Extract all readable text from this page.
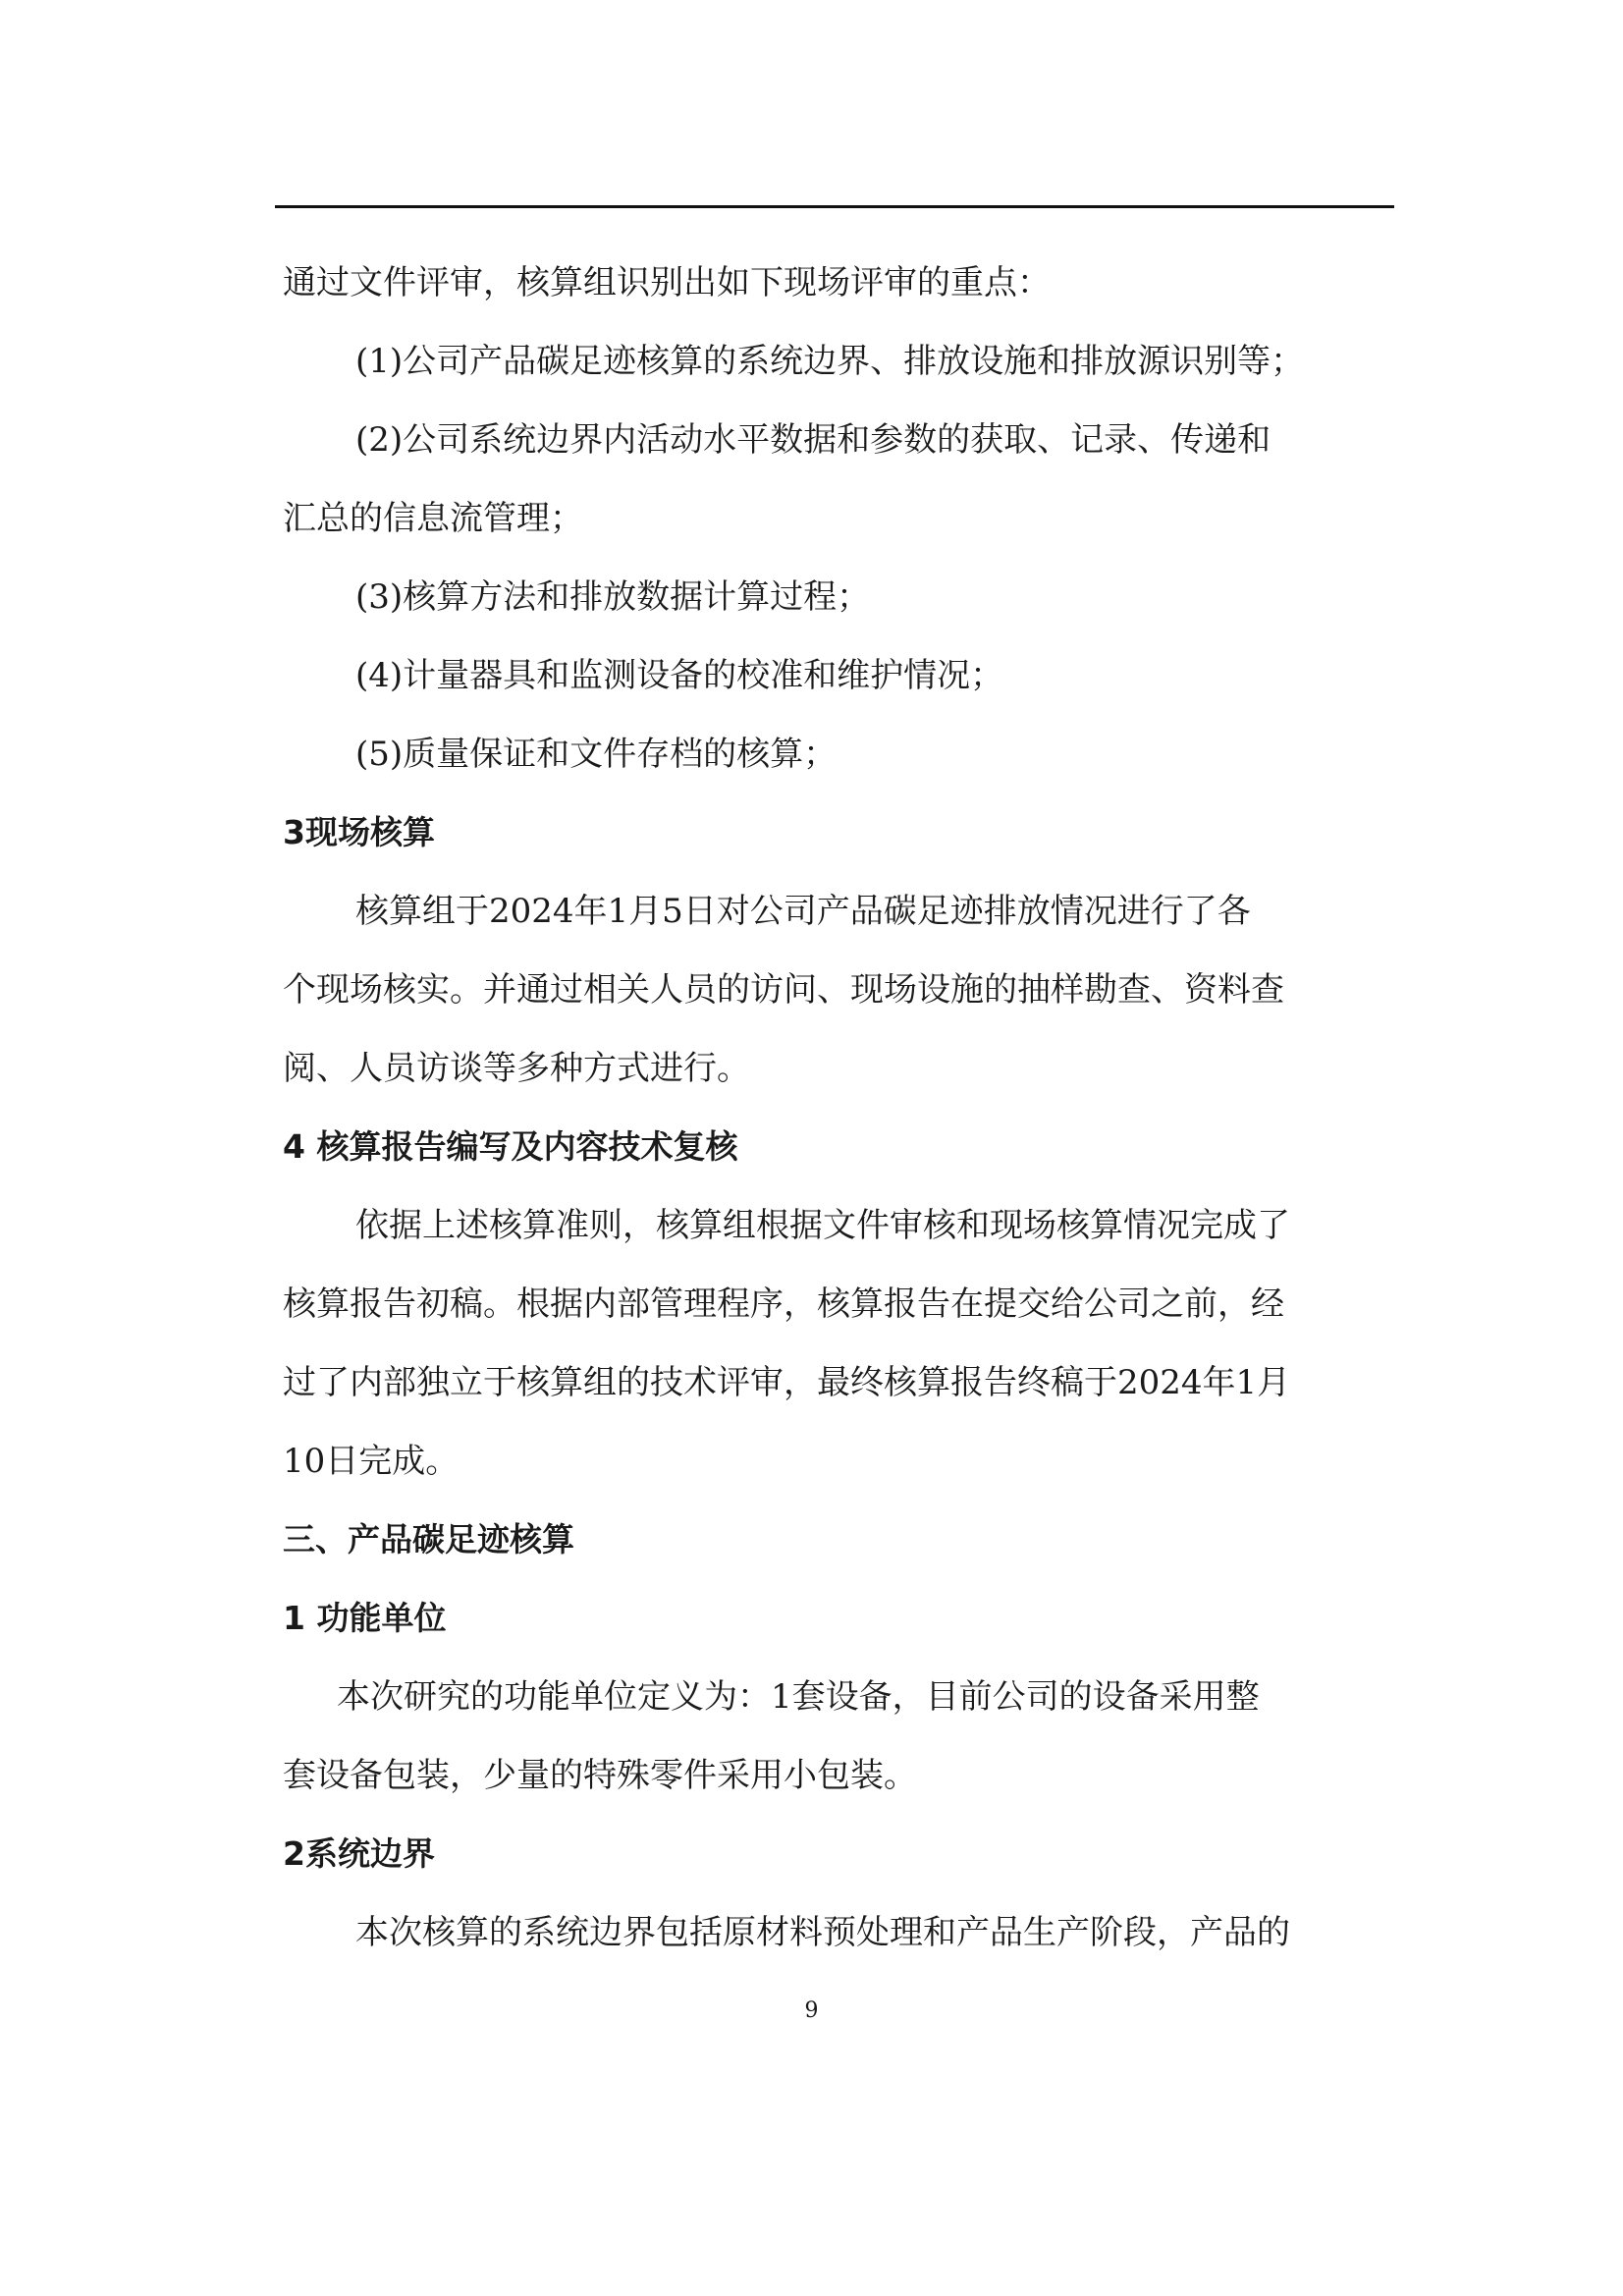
通过文件评审，核算组识别出如下现场评审的重点：

(1)公司产品碳足迹核算的系统边界、排放设施和排放源识别等；

(2)公司系统边界内活动水平数据和参数的获取、记录、传递和

汇总的信息流管理；

(3)核算方法和排放数据计算过程；

(4)计量器具和监测设备的校准和维护情况；

(5)质量保证和文件存档的核算；

3现场核算

核算组于2024年1月5日对公司产品碳足迹排放情况进行了各

个现场核实。并通过相关人员的访问、现场设施的抽样勘查、资料查

阅、人员访谈等多种方式进行。

4 核算报告编写及内容技术复核

依据上述核算准则，核算组根据文件审核和现场核算情况完成了

核算报告初稿。根据内部管理程序，核算报告在提交给公司之前，经

过了内部独立于核算组的技术评审，最终核算报告终稿于2024年1月

10日完成。

三、产品碳足迹核算

1 功能单位

本次研究的功能单位定义为：1套设备，目前公司的设备采用整

套设备包装，少量的特殊零件采用小包装。

2系统边界

本次核算的系统边界包括原材料预处理和产品生产阶段，产品的

9
